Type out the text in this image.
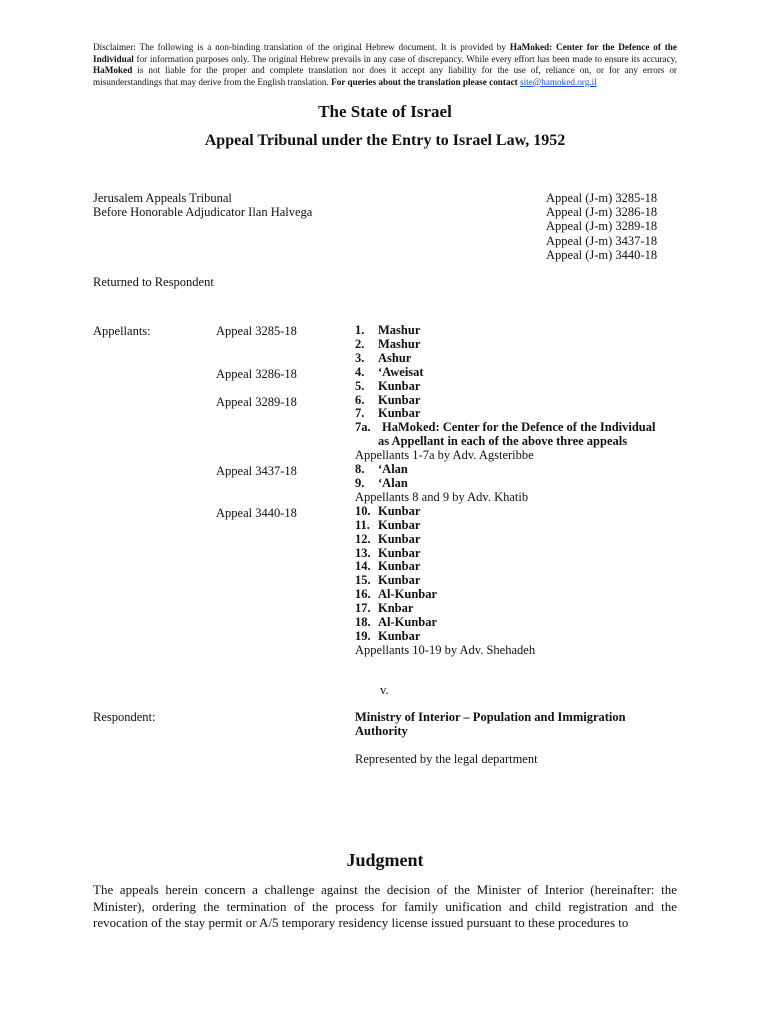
Disclaimer: The following is a non-binding translation of the original Hebrew document. It is provided by HaMoked: Center for the Defence of the Individual for information purposes only. The original Hebrew prevails in any case of discrepancy. While every effort has been made to ensure its accuracy, HaMoked is not liable for the proper and complete translation nor does it accept any liability for the use of, reliance on, or for any errors or misunderstandings that may derive from the English translation. For queries about the translation please contact site@hamoked.org.il
The State of Israel
Appeal Tribunal under the Entry to Israel Law, 1952
Jerusalem Appeals Tribunal
Before Honorable Adjudicator Ilan Halvega
Appeal (J-m) 3285-18
Appeal (J-m) 3286-18
Appeal (J-m) 3289-18
Appeal (J-m) 3437-18
Appeal (J-m) 3440-18
Returned to Respondent
Appellants:	Appeal 3285-18
Appeal 3286-18
Appeal 3289-18
Appeal 3437-18
Appeal 3440-18
1. Mashur
2. Mashur
3. Ashur
4. ‘Aweisat
5. Kunbar
6. Kunbar
7. Kunbar
7a. HaMoked: Center for the Defence of the Individual
as Appellant in each of the above three appeals
Appellants 1-7a by Adv. Agsteribbe
8. ‘Alan
9. ‘Alan
Appellants 8 and 9 by Adv. Khatib
10. Kunbar
11. Kunbar
12. Kunbar
13. Kunbar
14. Kunbar
15. Kunbar
16. Al-Kunbar
17. Knbar
18. Al-Kunbar
19. Kunbar
Appellants 10-19 by Adv. Shehadeh
v.
Respondent:	Ministry of Interior – Population and Immigration
Authority
Represented by the legal department
Judgment
The appeals herein concern a challenge against the decision of the Minister of Interior (hereinafter: the Minister), ordering the termination of the process for family unification and child registration and the revocation of the stay permit or A/5 temporary residency license issued pursuant to these procedures to
